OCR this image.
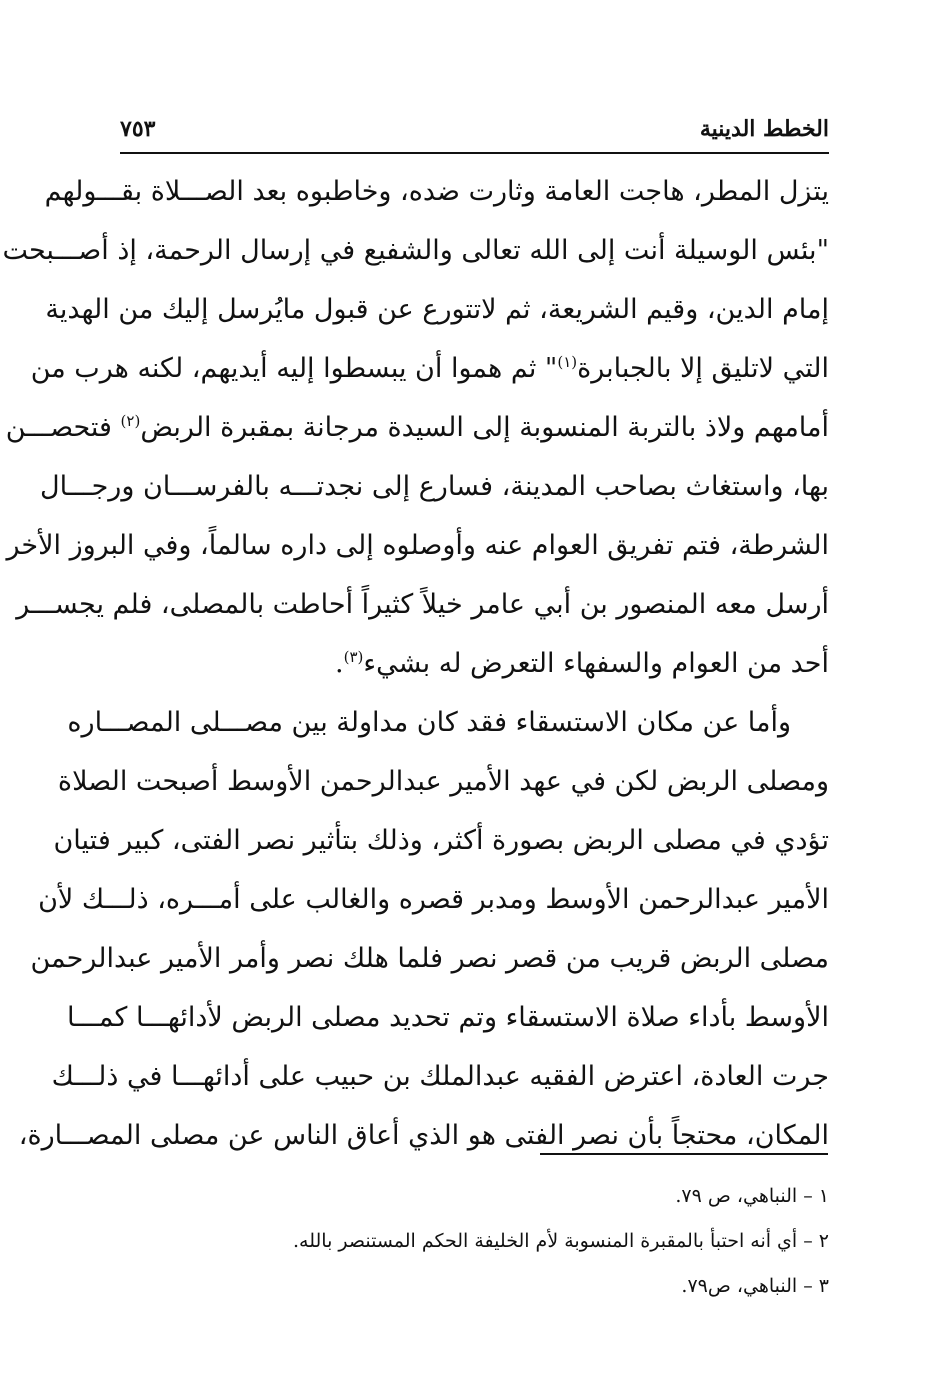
الخطط الدينية
٧٥٣
يتزل المطر، هاجت العامة وثارت ضده، وخاطبوه بعد الصـــلاة بقـــولهم
"بئس الوسيلة أنت إلى الله تعالى والشفيع في إرسال الرحمة، إذ أصـــبحت
إمام الدين، وقيم الشريعة، ثم لاتتورع عن قبول مايُرسل إليك من الهدية
التي لاتليق إلا بالجبابرة$^{(١)}$" ثم هموا أن يبسطوا إليه أيديهم، لكنه هرب من
أمامهم ولاذ بالتربة المنسوبة إلى السيدة مرجانة بمقبرة الربض$^{(٢)}$ فتحصـــن
بها، واستغاث بصاحب المدينة، فسارع إلى نجدتـــه بالفرســـان ورجـــال
الشرطة، فتم تفريق العوام عنه وأوصلوه إلى داره سالماً، وفي البروز الأخر
أرسل معه المنصور بن أبي عامر خيلاً كثيراً أحاطت بالمصلى، فلم يجســـر
أحد من العوام والسفهاء التعرض له بشيء$^{(٣)}$.
وأما عن مكان الاستسقاء فقد كان مداولة بين مصـــلى المصـــاره
ومصلى الربض لكن في عهد الأمير عبدالرحمن الأوسط أصبحت الصلاة
تؤدي في مصلى الربض بصورة أكثر، وذلك بتأثير نصر الفتى، كبير فتيان
الأمير عبدالرحمن الأوسط ومدبر قصره والغالب على أمـــره، ذلـــك لأن
مصلى الربض قريب من قصر نصر فلما هلك نصر وأمر الأمير عبدالرحمن
الأوسط بأداء صلاة الاستسقاء وتم تحديد مصلى الربض لأدائهـــا كمـــا
جرت العادة، اعترض الفقيه عبدالملك بن حبيب على أدائهـــا في ذلـــك
المكان، محتجاً بأن نصر الفتى هو الذي أعاق الناس عن مصلى المصـــارة،
١ – النباهي، ص ٧٩.
٢ – أي أنه احتبأ بالمقبرة المنسوبة لأم الخليفة الحكم المستنصر بالله.
٣ – النباهي، ص٧٩.
